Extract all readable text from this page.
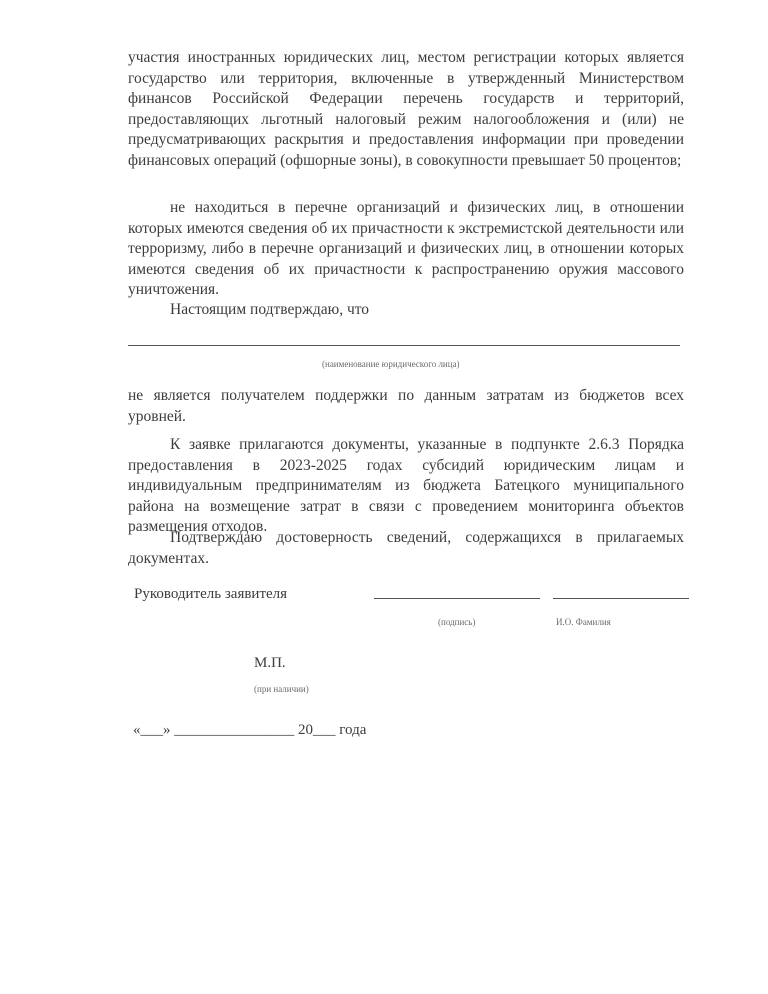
участия иностранных юридических лиц, местом регистрации которых является государство или территория, включенные в утвержденный Министерством финансов Российской Федерации перечень государств и территорий, предоставляющих льготный налоговый режим налогообложения и (или) не предусматривающих раскрытия и предоставления информации при проведении финансовых операций (офшорные зоны), в совокупности превышает 50 процентов;

не находиться в перечне организаций и физических лиц, в отношении которых имеются сведения об их причастности к экстремистской деятельности или терроризму, либо в перечне организаций и физических лиц, в отношении которых имеются сведения об их причастности к распространению оружия массового уничтожения.

Настоящим подтверждаю, что
(наименование юридического лица)

не является получателем поддержки по данным затратам из бюджетов всех уровней.

К заявке прилагаются документы, указанные в подпункте 2.6.3 Порядка предоставления в 2023-2025 годах субсидий юридическим лицам и индивидуальным предпринимателям из бюджета Батецкого муниципального района на возмещение затрат в связи с проведением мониторинга объектов размещения отходов.

Подтверждаю достоверность сведений, содержащихся в прилагаемых документах.

Руководитель заявителя
(подпись)	И.О. Фамилия
М.П.
(при наличии)
«___» ________________ 20___ года
